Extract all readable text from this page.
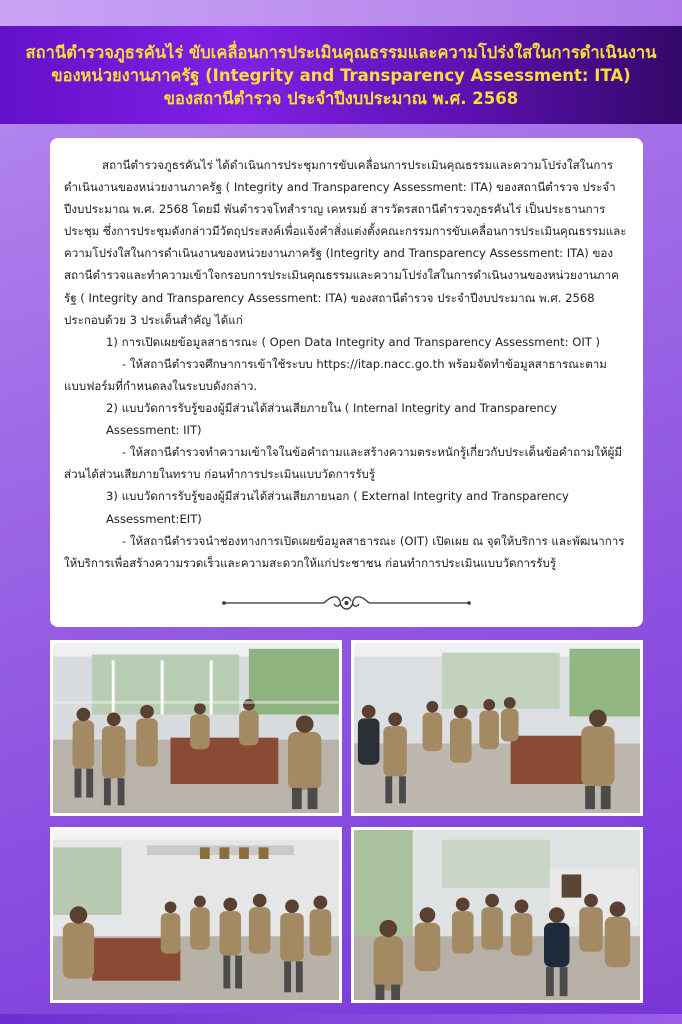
สถานีตำรวจภูธรคันไร่ ขับเคลื่อนการประเมินคุณธรรมและความโปร่งใสในการดำเนินงาน
ของหน่วยงานภาครัฐ (Integrity and Transparency Assessment: ITA)
ของสถานีตำรวจ ประจำปีงบประมาณ พ.ศ. 2568

สถานีตำรวจภูธรคันไร่ ได้ดำเนินการประชุมการขับเคลื่อนการประเมินคุณธรรมและความโปร่งใสในการดำเนินงานของหน่วยงานภาครัฐ ( Integrity and Transparency Assessment: ITA) ของสถานีตำรวจ ประจำปีงบประมาณ พ.ศ. 2568 โดยมี พันตำรวจโทสำราญ เคหรมย์ สารวัตรสถานีตำรวจภูธรคันไร่ เป็นประธานการประชุม ซึ่งการประชุมดังกล่าวมีวัตถุประสงค์เพื่อแจ้งคำสั่งแต่งตั้งคณะกรรมการขับเคลื่อนการประเมินคุณธรรมและความโปร่งใสในการดำเนินงานของหน่วยงานภาครัฐ (Integrity and Transparency Assessment: ITA) ของสถานีตำรวจและทำความเข้าใจกรอบการประเมินคุณธรรมและความโปร่งใสในการดำเนินงานของหน่วยงานภาครัฐ ( Integrity and Transparency Assessment: ITA) ของสถานีตำรวจ ประจำปีงบประมาณ พ.ศ. 2568 ประกอบด้วย 3 ประเด็นสำคัญ ได้แก่

1) การเปิดเผยข้อมูลสาธารณะ ( Open Data Integrity and Transparency Assessment: OIT )

- ให้สถานีตำรวจศึกษาการเข้าใช้ระบบ https://itap.nacc.go.th พร้อมจัดทำข้อมูลสาธารณะตามแบบฟอร์มที่กำหนดลงในระบบดังกล่าว.

2) แบบวัดการรับรู้ของผู้มีส่วนได้ส่วนเสียภายใน ( Internal Integrity and Transparency Assessment: IIT)

- ให้สถานีตำรวจทำความเข้าใจในข้อคำถามและสร้างความตระหนักรู้เกี่ยวกับประเด็นข้อคำถามให้ผู้มีส่วนได้ส่วนเสียภายในทราบ ก่อนทำการประเมินแบบวัดการรับรู้

3) แบบวัดการรับรู้ของผู้มีส่วนได้ส่วนเสียภายนอก ( External Integrity and Transparency Assessment:EIT)

- ให้สถานีตำรวจนำช่องทางการเปิดเผยข้อมูลสาธารณะ (OIT) เปิดเผย ณ จุดให้บริการ และพัฒนาการให้บริการเพื่อสร้างความรวดเร็วและความสะดวกให้แก่ประชาชน ก่อนทำการประเมินแบบวัดการรับรู้
